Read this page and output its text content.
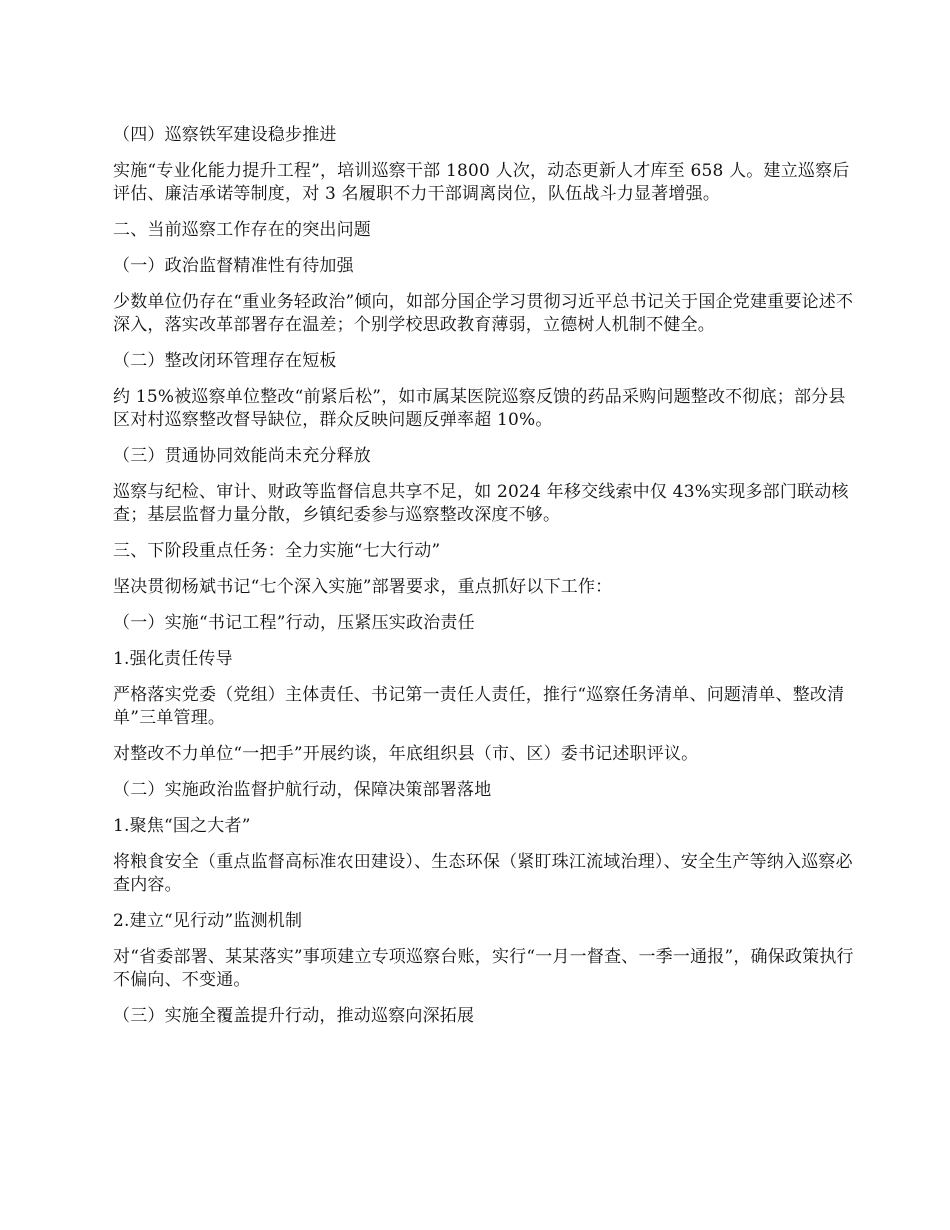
（四）巡察铁军建设稳步推进

实施“专业化能力提升工程”，培训巡察干部 1800 人次，动态更新人才库至 658 人。建立巡察后评估、廉洁承诺等制度，对 3 名履职不力干部调离岗位，队伍战斗力显著增强。

二、当前巡察工作存在的突出问题

（一）政治监督精准性有待加强

少数单位仍存在“重业务轻政治”倾向，如部分国企学习贯彻习近平总书记关于国企党建重要论述不深入，落实改革部署存在温差；个别学校思政教育薄弱，立德树人机制不健全。

（二）整改闭环管理存在短板

约 15%被巡察单位整改“前紧后松”，如市属某医院巡察反馈的药品采购问题整改不彻底；部分县区对村巡察整改督导缺位，群众反映问题反弹率超 10%。

（三）贯通协同效能尚未充分释放

巡察与纪检、审计、财政等监督信息共享不足，如 2024 年移交线索中仅 43%实现多部门联动核查；基层监督力量分散，乡镇纪委参与巡察整改深度不够。

三、下阶段重点任务：全力实施“七大行动”

坚决贯彻杨斌书记“七个深入实施”部署要求，重点抓好以下工作：

（一）实施“书记工程”行动，压紧压实政治责任

1.强化责任传导

严格落实党委（党组）主体责任、书记第一责任人责任，推行“巡察任务清单、问题清单、整改清单”三单管理。

对整改不力单位“一把手”开展约谈，年底组织县（市、区）委书记述职评议。

（二）实施政治监督护航行动，保障决策部署落地

1.聚焦“国之大者”

将粮食安全（重点监督高标准农田建设）、生态环保（紧盯珠江流域治理）、安全生产等纳入巡察必查内容。

2.建立“见行动”监测机制

对“省委部署、某某落实”事项建立专项巡察台账，实行“一月一督查、一季一通报”，确保政策执行不偏向、不变通。

（三）实施全覆盖提升行动，推动巡察向深拓展
